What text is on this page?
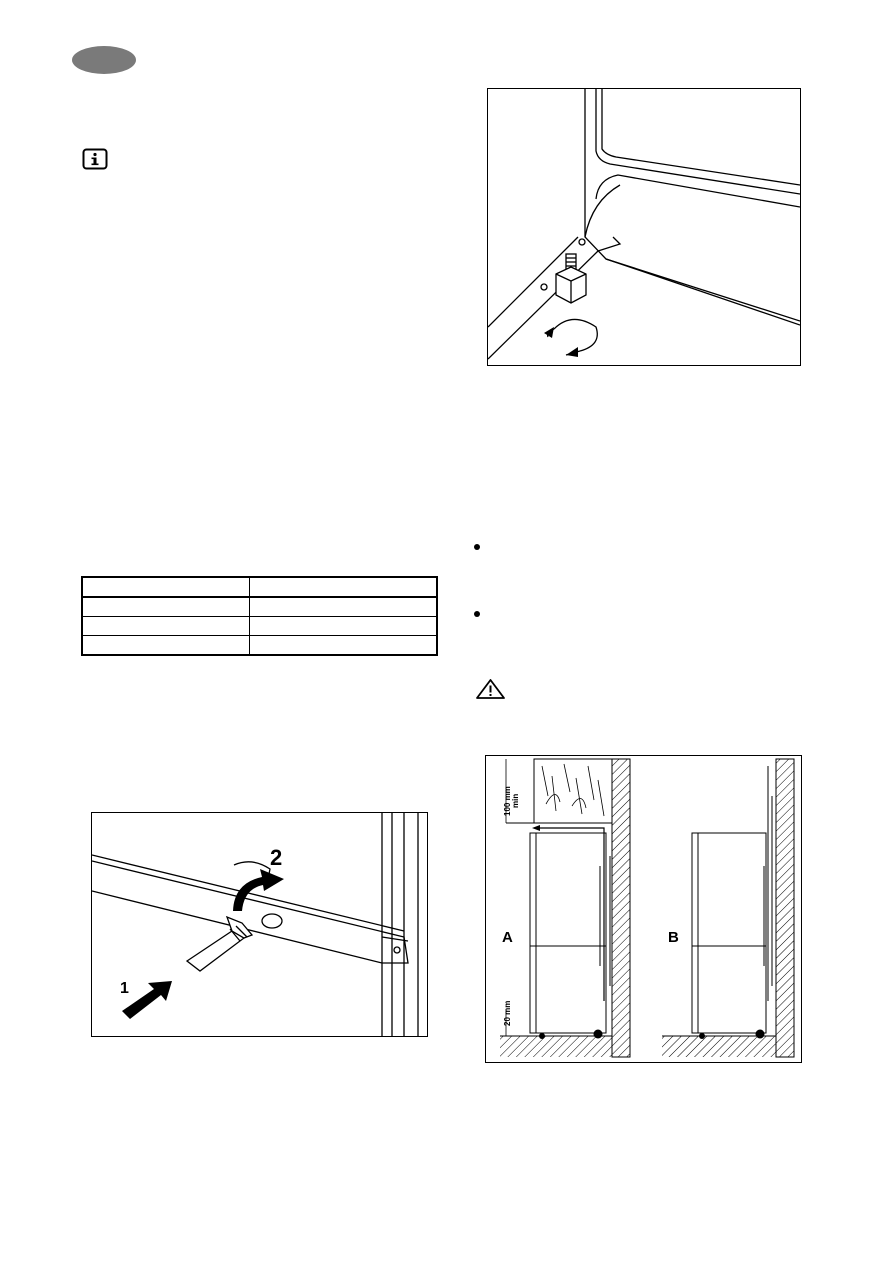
2
1
A
100 mm min
20 mm
B
